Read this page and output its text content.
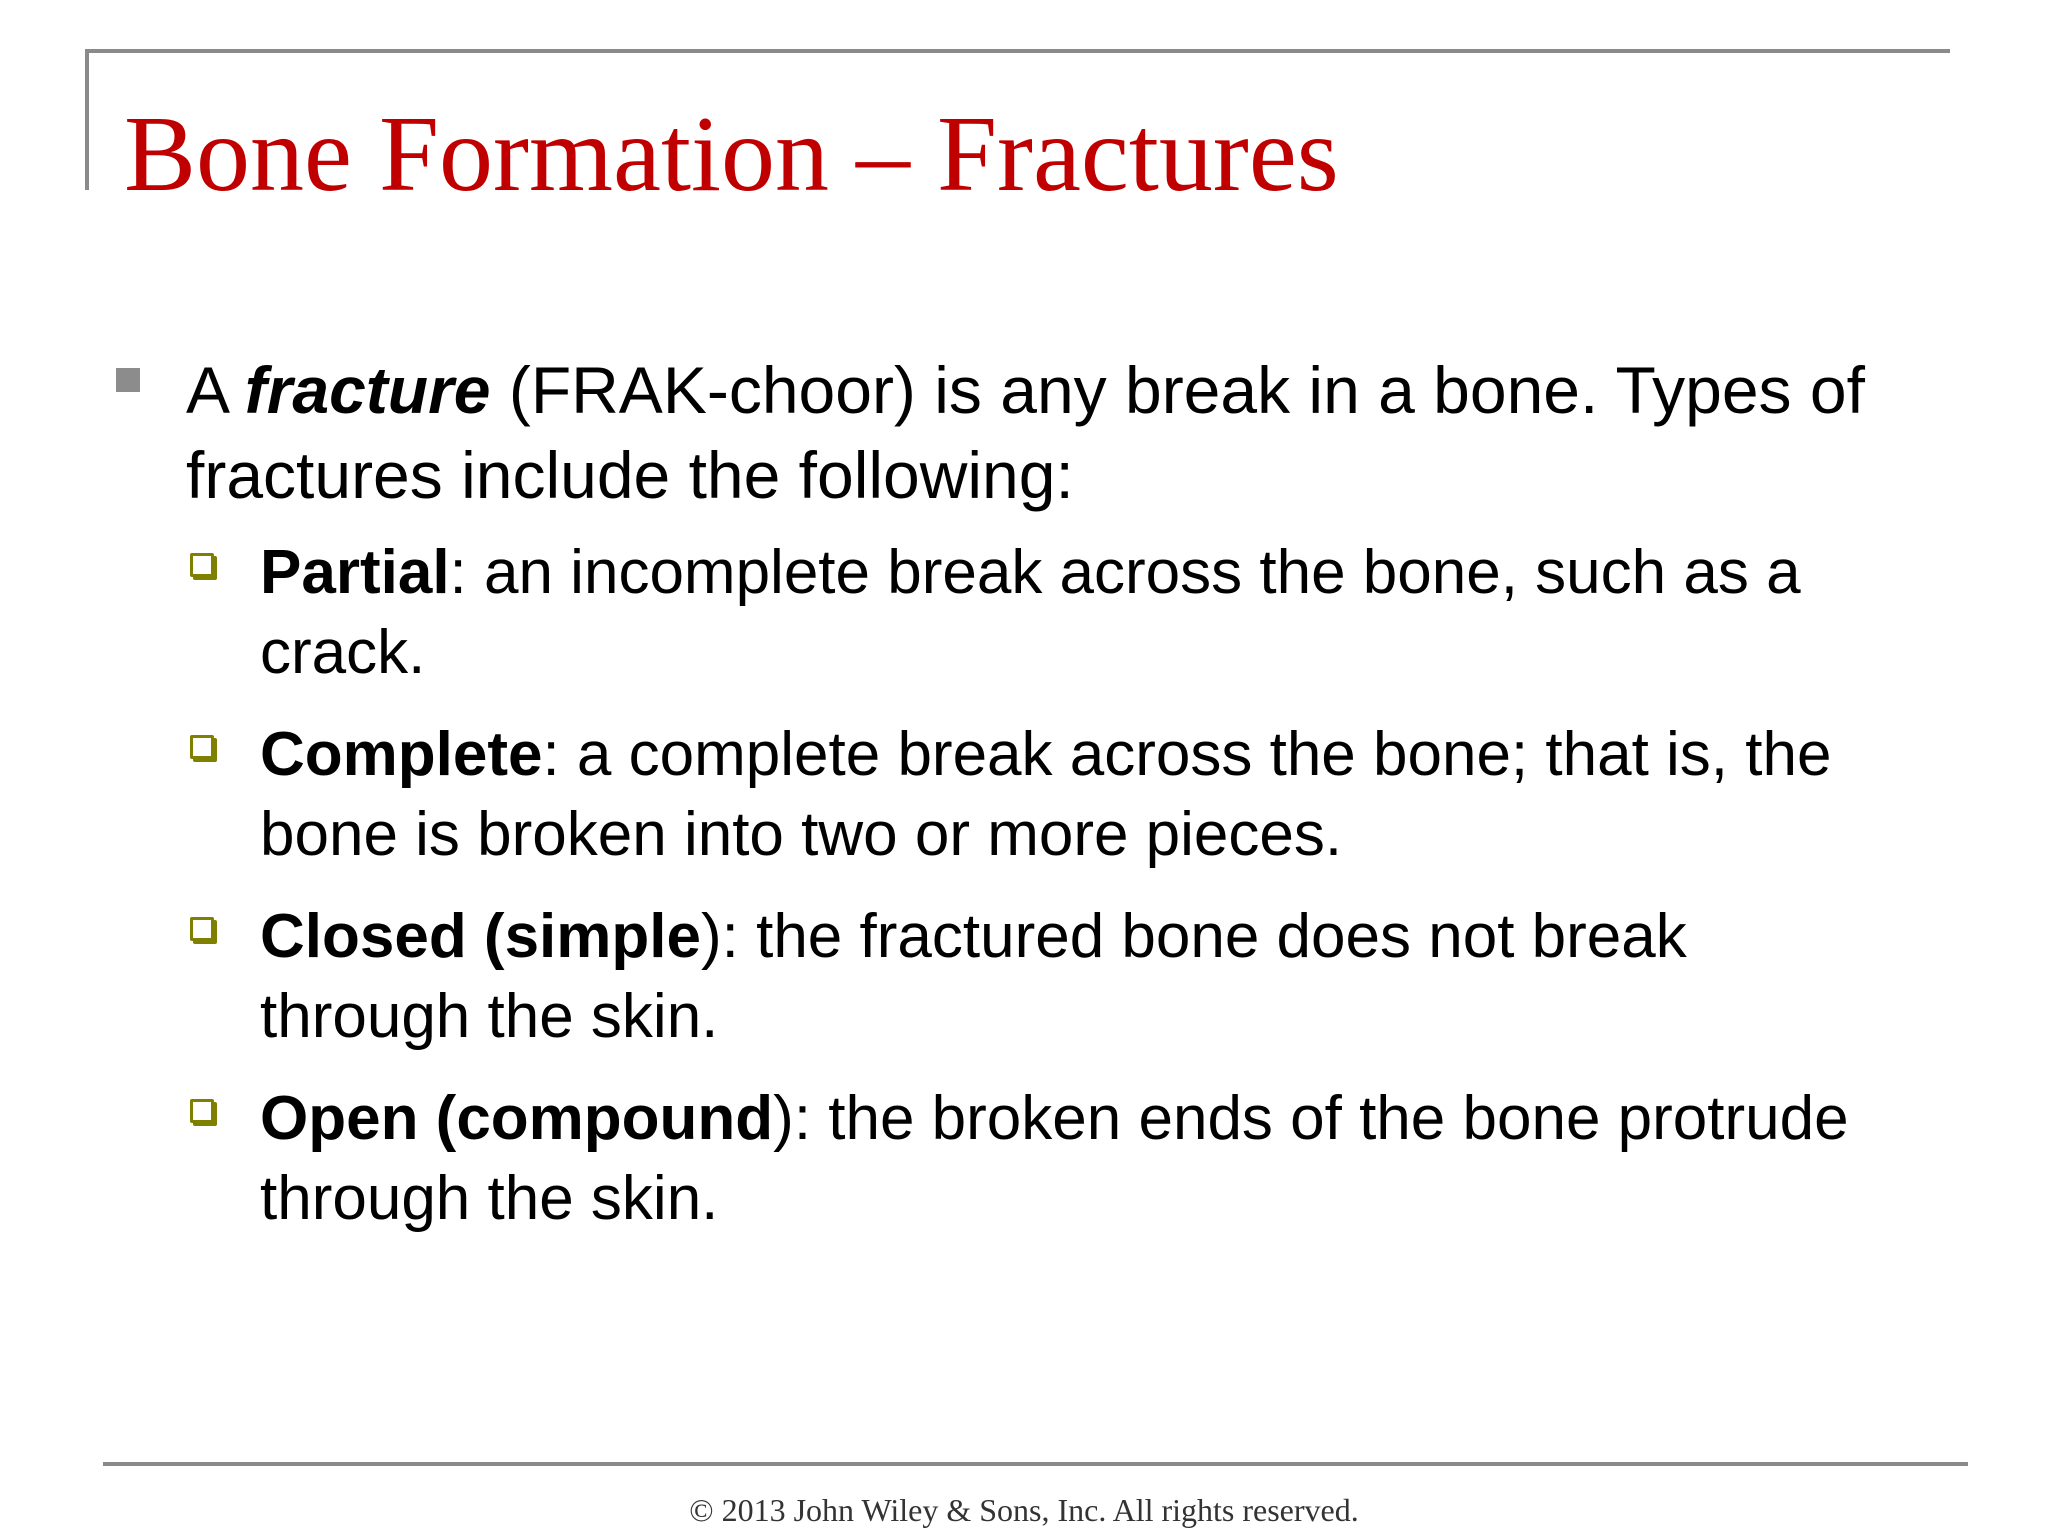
Bone Formation – Fractures
A fracture (FRAK-choor) is any break in a bone. Types of fractures include the following:
Partial: an incomplete break across the bone, such as a crack.
Complete: a complete break across the bone; that is, the bone is broken into two or more pieces.
Closed (simple): the fractured bone does not break through the skin.
Open (compound): the broken ends of the bone protrude through the skin.
© 2013 John Wiley & Sons, Inc. All rights reserved.
